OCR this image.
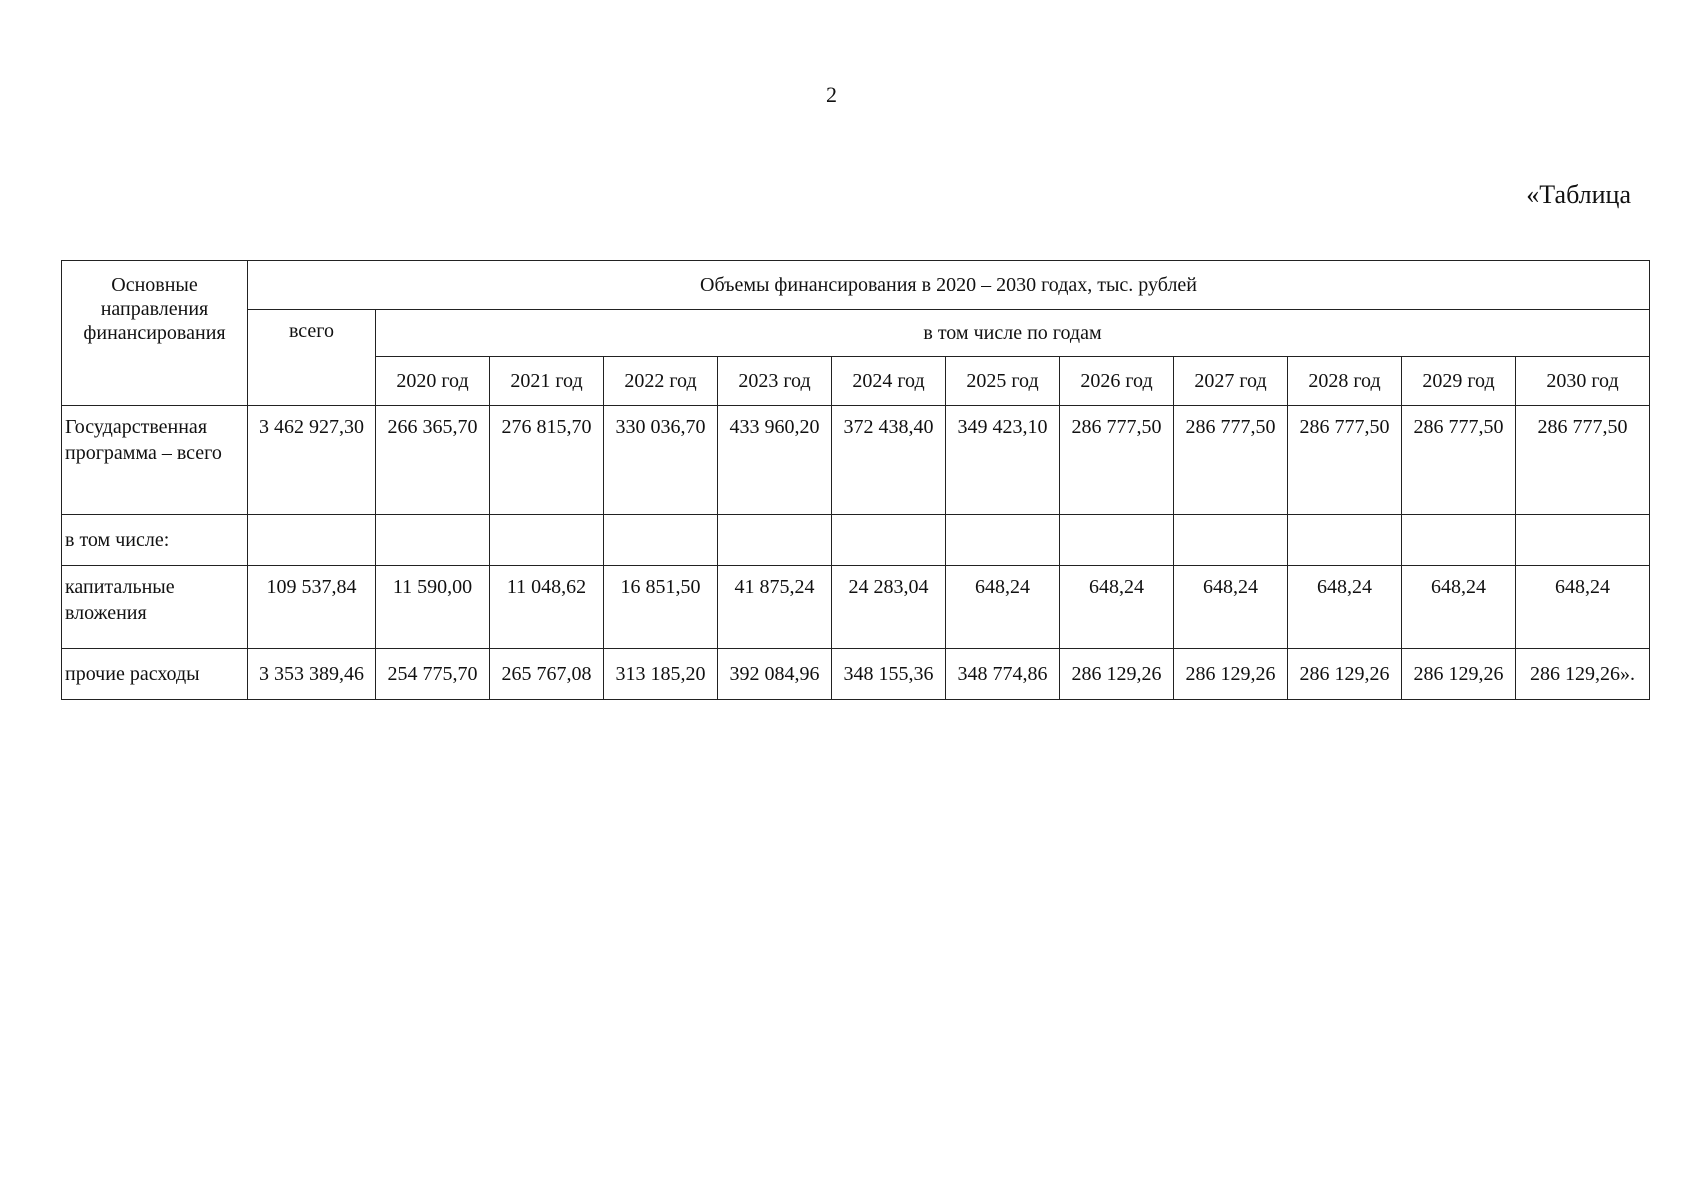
2
«Таблица
Основные направления финансирования	Объемы финансирования в 2020 – 2030 годах, тыс. рублей											
	всего	в том числе по годам										
		2020 год	2021 год	2022 год	2023 год	2024 год	2025 год	2026 год	2027 год	2028 год	2029 год	2030 год
Государственная программа – всего	3 462 927,30	266 365,70	276 815,70	330 036,70	433 960,20	372 438,40	349 423,10	286 777,50	286 777,50	286 777,50	286 777,50	286 777,50
в том числе:												
капитальные вложения	109 537,84	11 590,00	11 048,62	16 851,50	41 875,24	24 283,04	648,24	648,24	648,24	648,24	648,24	648,24
прочие расходы	3 353 389,46	254 775,70	265 767,08	313 185,20	392 084,96	348 155,36	348 774,86	286 129,26	286 129,26	286 129,26	286 129,26	286 129,26».
